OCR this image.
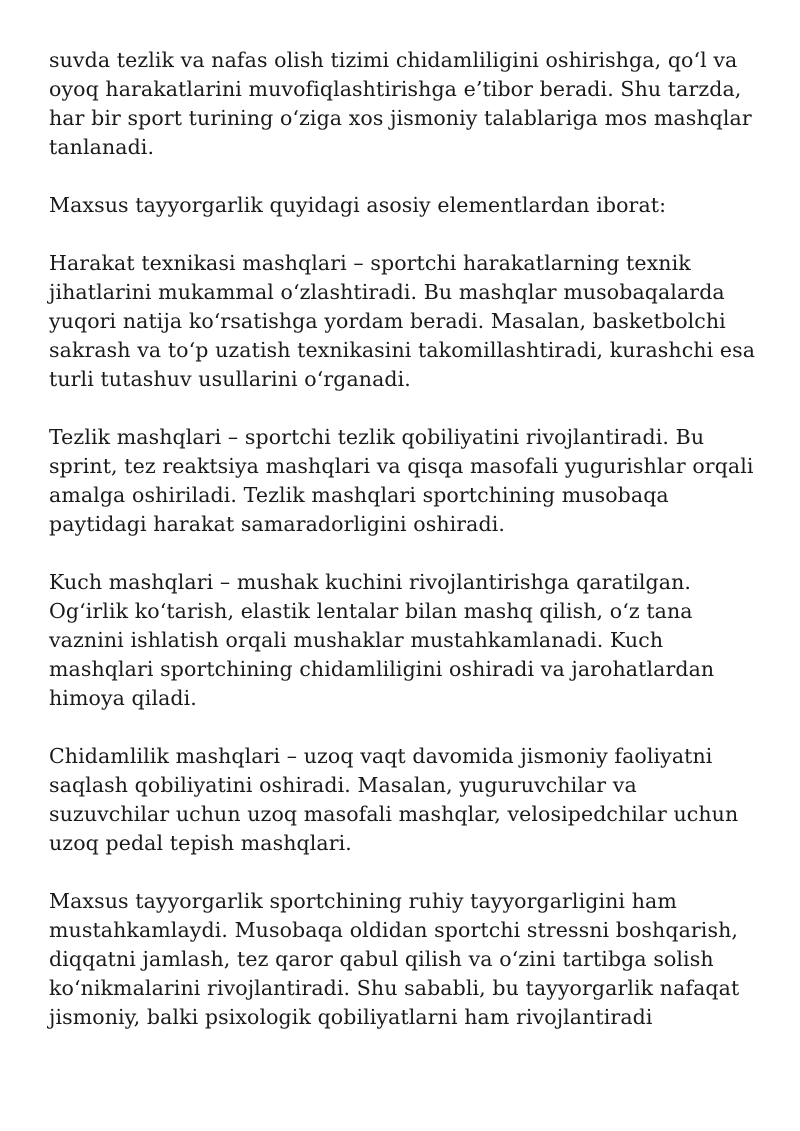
suvda tezlik va nafas olish tizimi chidamliligini oshirishga, qo‘l va
oyoq harakatlarini muvofiqlashtirishga e’tibor beradi. Shu tarzda,
har bir sport turining o‘ziga xos jismoniy talablariga mos mashqlar
tanlanadi.

Maxsus tayyorgarlik quyidagi asosiy elementlardan iborat:

Harakat texnikasi mashqlari – sportchi harakatlarning texnik
jihatlarini mukammal o‘zlashtiradi. Bu mashqlar musobaqalarda
yuqori natija ko‘rsatishga yordam beradi. Masalan, basketbolchi
sakrash va to‘p uzatish texnikasini takomillashtiradi, kurashchi esa
turli tutashuv usullarini o‘rganadi.

Tezlik mashqlari – sportchi tezlik qobiliyatini rivojlantiradi. Bu
sprint, tez reaktsiya mashqlari va qisqa masofali yugurishlar orqali
amalga oshiriladi. Tezlik mashqlari sportchining musobaqa
paytidagi harakat samaradorligini oshiradi.

Kuch mashqlari – mushak kuchini rivojlantirishga qaratilgan.
Og‘irlik ko‘tarish, elastik lentalar bilan mashq qilish, o‘z tana
vaznini ishlatish orqali mushaklar mustahkamlanadi. Kuch
mashqlari sportchining chidamliligini oshiradi va jarohatlardan
himoya qiladi.

Chidamlilik mashqlari – uzoq vaqt davomida jismoniy faoliyatni
saqlash qobiliyatini oshiradi. Masalan, yuguruvchilar va
suzuvchilar uchun uzoq masofali mashqlar, velosipedchilar uchun
uzoq pedal tepish mashqlari.

Maxsus tayyorgarlik sportchining ruhiy tayyorgarligini ham
mustahkamlaydi. Musobaqa oldidan sportchi stressni boshqarish,
diqqatni jamlash, tez qaror qabul qilish va o‘zini tartibga solish
ko‘nikmalarini rivojlantiradi. Shu sababli, bu tayyorgarlik nafaqat
jismoniy, balki psixologik qobiliyatlarni ham rivojlantiradi
